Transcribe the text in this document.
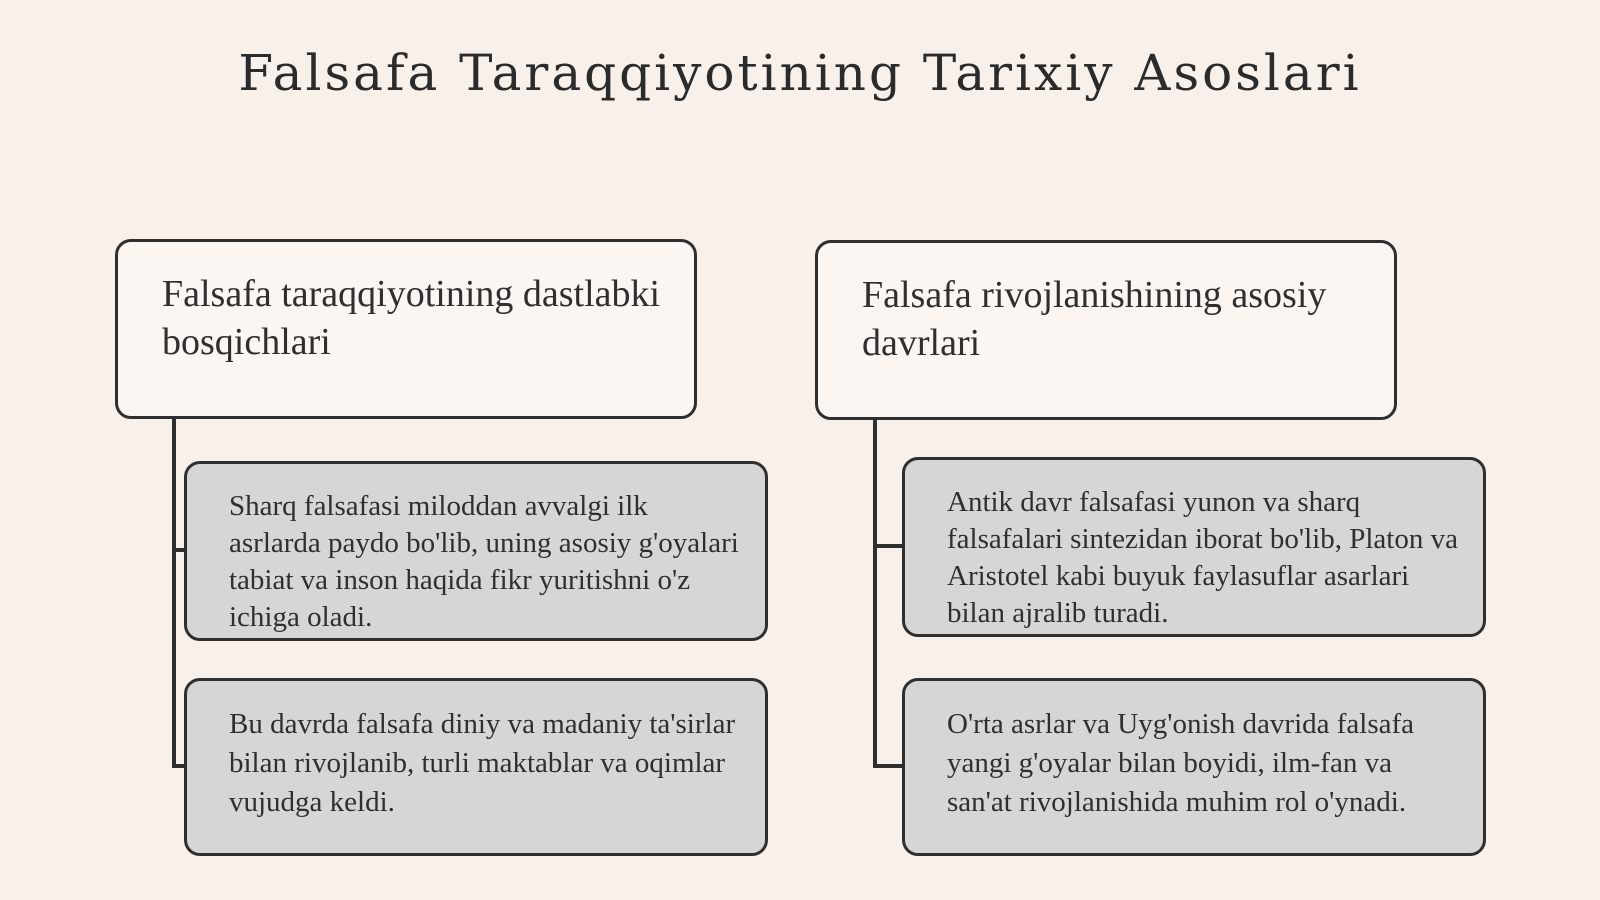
Falsafa Taraqqiyotining Tarixiy Asoslari
Falsafa taraqqiyotining dastlabki bosqichlari
Sharq falsafasi miloddan avvalgi ilk asrlarda paydo bo'lib, uning asosiy g'oyalari tabiat va inson haqida fikr yuritishni o'z ichiga oladi.
Bu davrda falsafa diniy va madaniy ta'sirlar bilan rivojlanib, turli maktablar va oqimlar vujudga keldi.
Falsafa rivojlanishining asosiy davrlari
Antik davr falsafasi yunon va sharq falsafalari sintezidan iborat bo'lib, Platon va Aristotel kabi buyuk faylasuflar asarlari bilan ajralib turadi.
O'rta asrlar va Uyg'onish davrida falsafa yangi g'oyalar bilan boyidi, ilm-fan va san'at rivojlanishida muhim rol o'ynadi.
